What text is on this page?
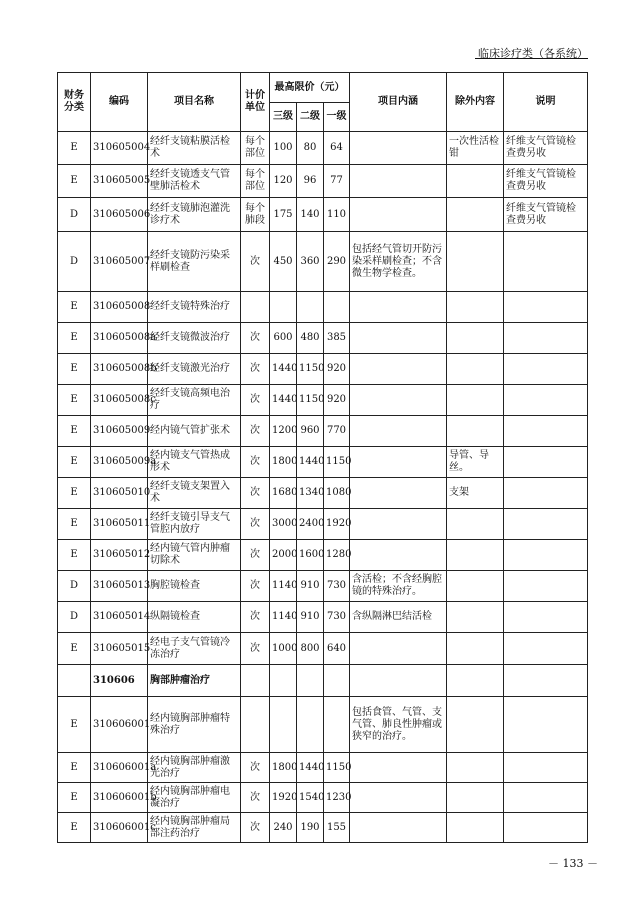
临床诊疗类（各系统）
财务分类	编码	项目名称	计价单位	最高限价（元）			项目内涵	除外内容	说明
				三级	二级	一级			
E	310605004	经纤支镜粘膜活检术	每个部位	100	80	64		一次性活检钳	纤维支气管镜检查费另收
E	310605005	经纤支镜透支气管壁肺活检术	每个部位	120	96	77			纤维支气管镜检查费另收
D	310605006	经纤支镜肺泡灌洗诊疗术	每个肺段	175	140	110			纤维支气管镜检查费另收
D	310605007	经纤支镜防污染采样刷检查	次	450	360	290	包括经气管切开防污染采样刷检查；不含微生物学检查。		
E	310605008	经纤支镜特殊治疗							
E	310605008a	经纤支镜微波治疗	次	600	480	385			
E	310605008b	经纤支镜激光治疗	次	1440	1150	920			
E	310605008c	经纤支镜高频电治疗	次	1440	1150	920			
E	310605009	经内镜气管扩张术	次	1200	960	770			
E	310605009a	经内镜支气管热成形术	次	1800	1440	1150		导管、导丝。	
E	310605010	经纤支镜支架置入术	次	1680	1340	1080		支架	
E	310605011	经纤支镜引导支气管腔内放疗	次	3000	2400	1920			
E	310605012	经内镜气管内肿瘤切除术	次	2000	1600	1280			
D	310605013	胸腔镜检查	次	1140	910	730	含活检；不含经胸腔镜的特殊治疗。		
D	310605014	纵隔镜检查	次	1140	910	730	含纵隔淋巴结活检		
E	310605015	经电子支气管镜冷冻治疗	次	1000	800	640			
	310606	胸部肿瘤治疗							
E	310606001	经内镜胸部肿瘤特殊治疗					包括食管、气管、支气管、肺良性肿瘤或狭窄的治疗。		
E	310606001a	经内镜胸部肿瘤激光治疗	次	1800	1440	1150			
E	310606001b	经内镜胸部肿瘤电凝治疗	次	1920	1540	1230			
E	310606001c	经内镜胸部肿瘤局部注药治疗	次	240	190	155			
－ 133 －
